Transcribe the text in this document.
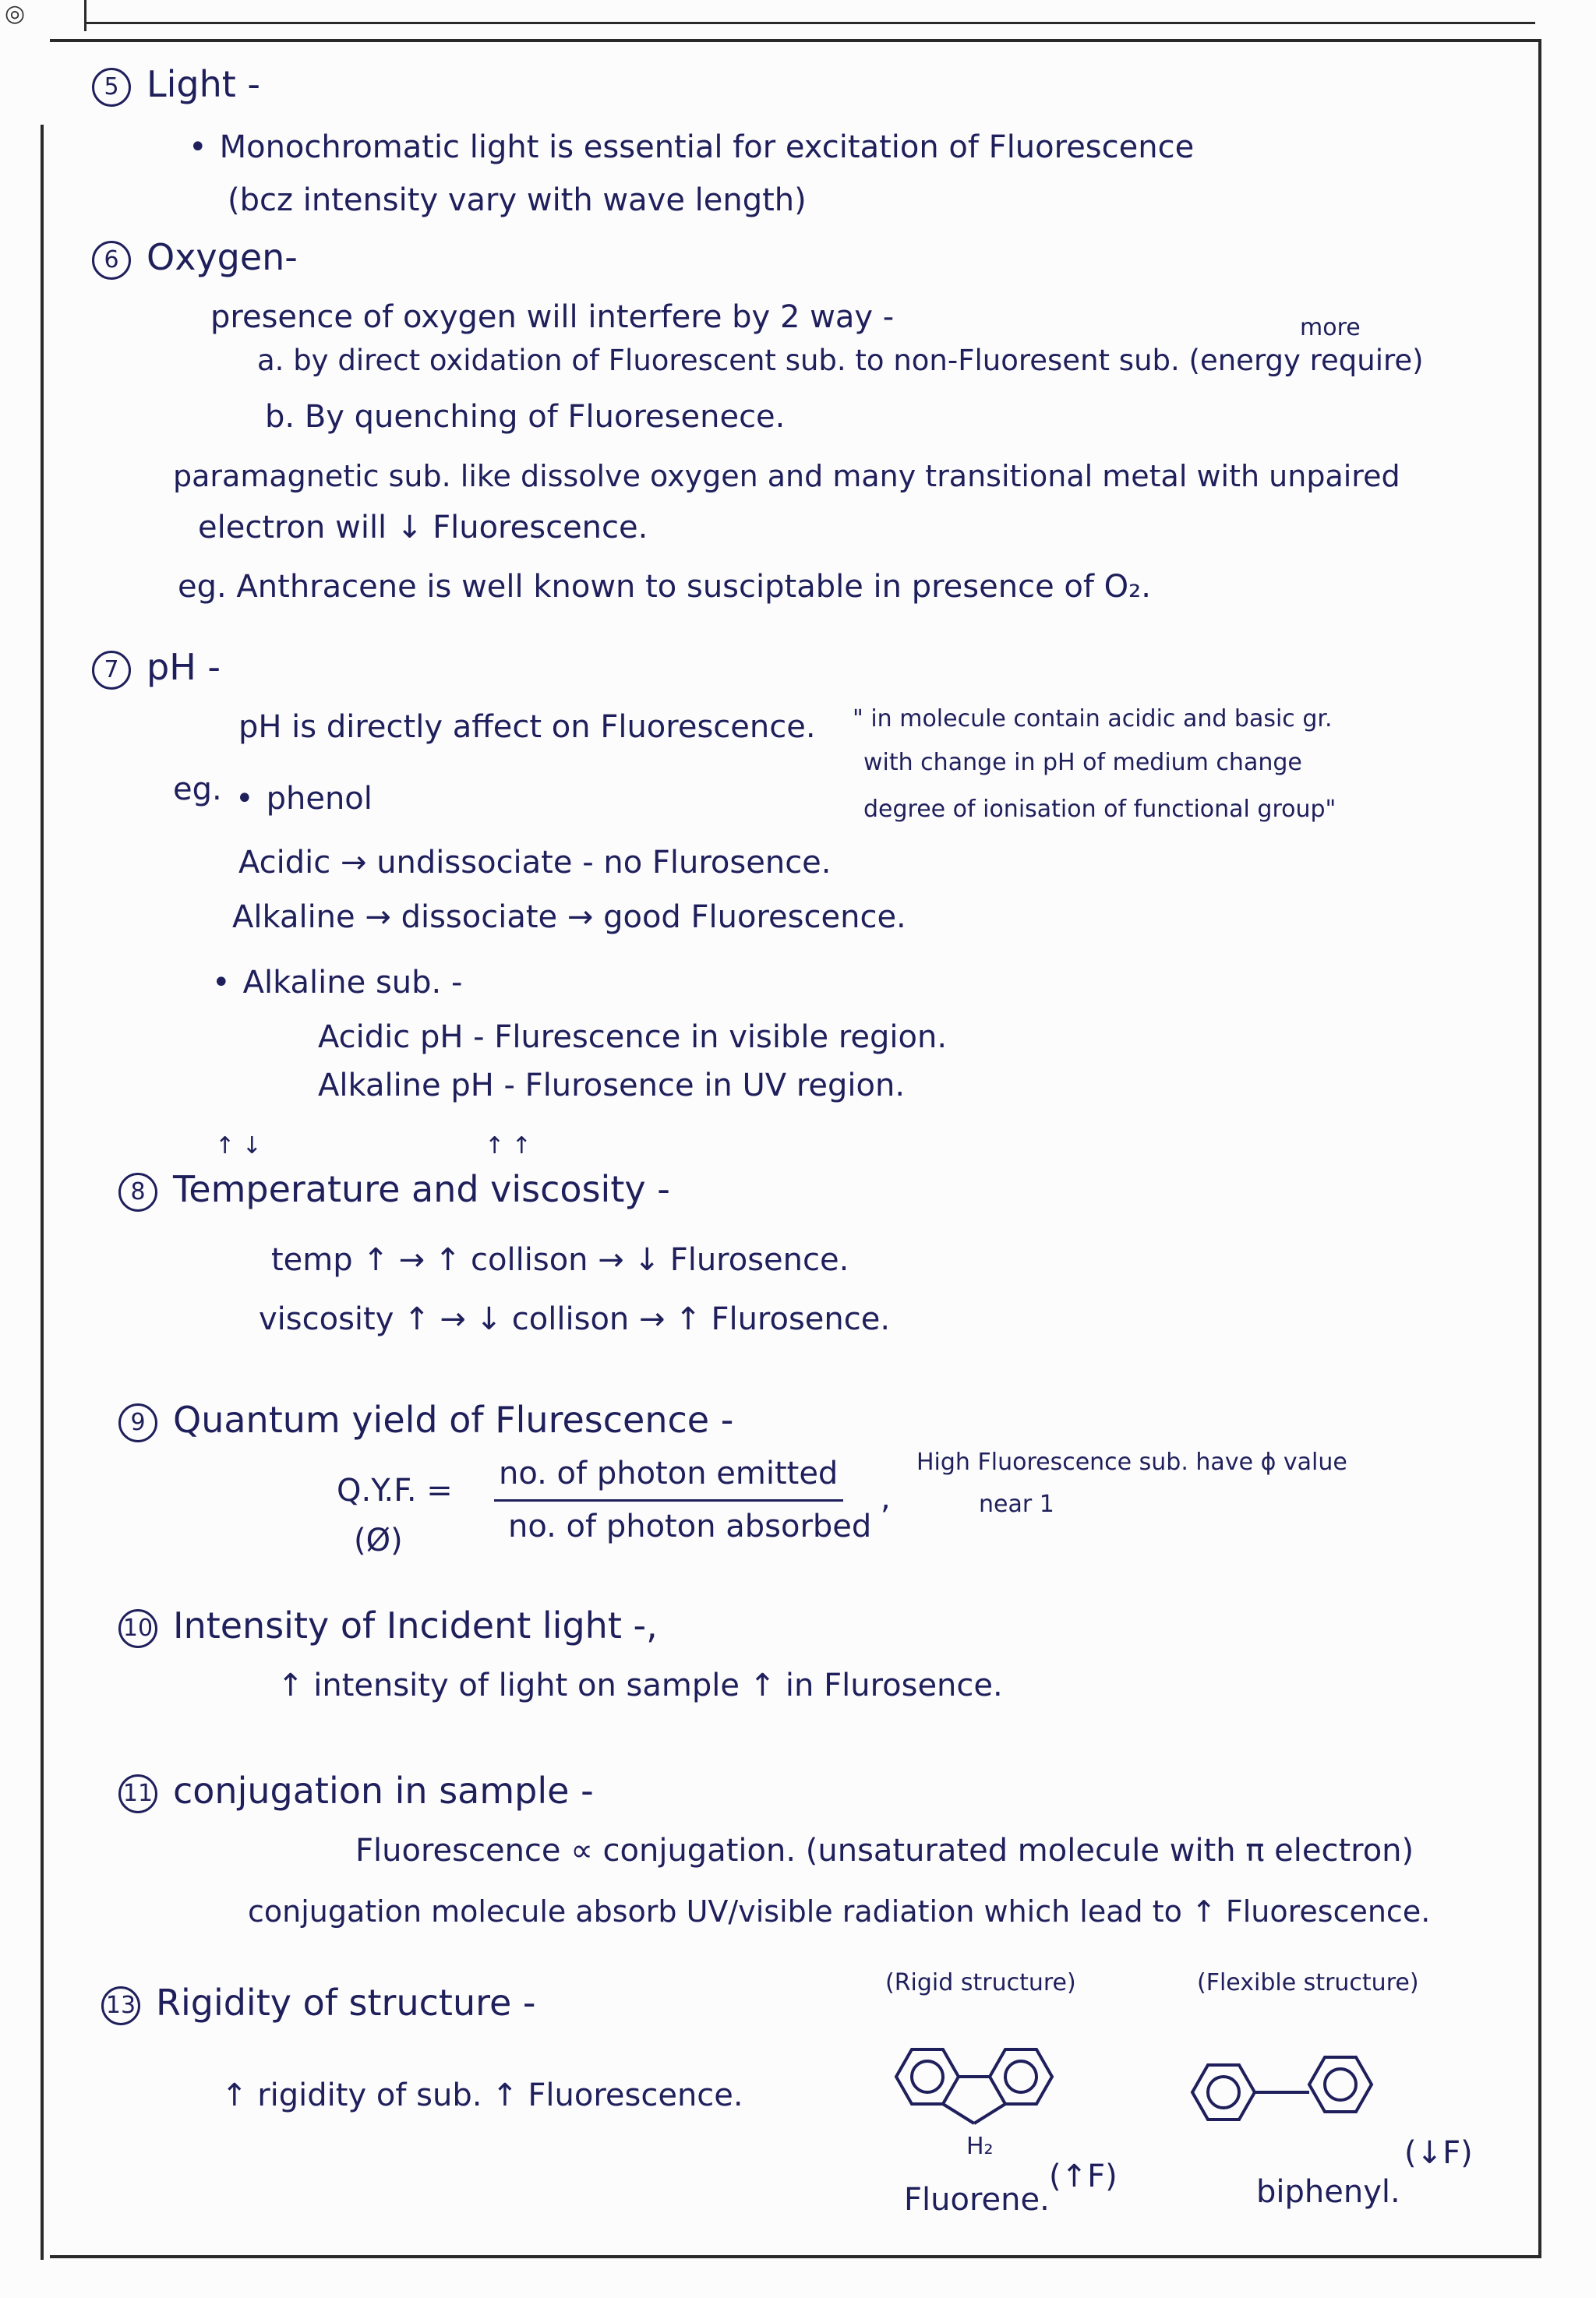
◎
5 Light -
• Monochromatic light is essential for excitation of Fluorescence
(bcz intensity vary with wave length)
6 Oxygen-
presence of oxygen will interfere by 2 way -	more
a. by direct oxidation of Fluorescent sub. to non-Fluoresent sub. (energy require)
b. By quenching of Fluoresenece.
paramagnetic sub. like dissolve oxygen and many transitional metal with unpaired
electron will ↓ Fluorescence.
eg. Anthracene is well known to susciptable in presence of O₂.
7 pH -
pH is directly affect on Fluorescence. " in molecule contain acidic and basic gr.
with change in pH of medium change
degree of ionisation of functional group"
eg.
•	phenol
Acidic → undissociate - no Flurosence.
Alkaline → dissociate → good Fluorescence.
• Alkaline sub. -
Acidic pH - Flurescence in visible region.
Alkaline pH - Flurosence in UV region.
↑ ↓	↑ ↑
8 Temperature and viscosity -
temp ↑ → ↑ collison → ↓ Flurosence.
viscosity ↑ → ↓ collison → ↑ Flurosence.
9 Quantum yield of Flurescence -
Q.Y.F. =
(Ø)
no. of photon emitted
no. of photon absorbed
,
High Fluorescence sub. have ϕ value
near 1
10 Intensity of Incident light -,
↑ intensity of light on sample ↑ in Flurosence.
11 conjugation in sample -
Fluorescence ∝ conjugation. (unsaturated molecule with π electron)
conjugation molecule absorb UV/visible radiation which lead to ↑ Fluorescence.
13 Rigidity of structure -	(Rigid structure)	(Flexible structure)
↑ rigidity of sub. ↑ Fluorescence.
H₂
Fluorene.
(↑F)	biphenyl.
(↓F)
